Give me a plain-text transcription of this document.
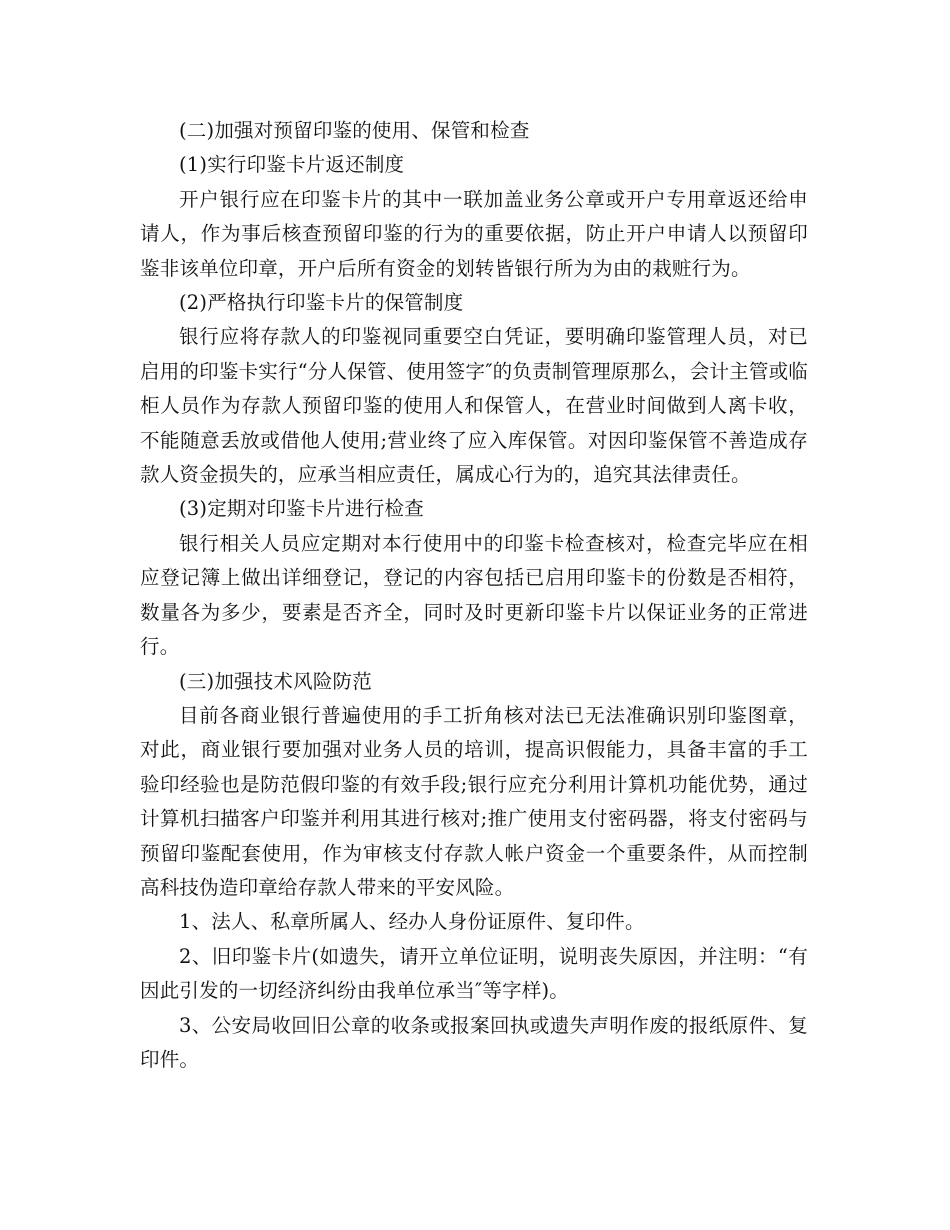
(二)加强对预留印鉴的使用、保管和检查

(1)实行印鉴卡片返还制度

开户银行应在印鉴卡片的其中一联加盖业务公章或开户专用章返还给申请人，作为事后核查预留印鉴的行为的重要依据，防止开户申请人以预留印鉴非该单位印章，开户后所有资金的划转皆银行所为为由的栽赃行为。

(2)严格执行印鉴卡片的保管制度

银行应将存款人的印鉴视同重要空白凭证，要明确印鉴管理人员，对已启用的印鉴卡实行“分人保管、使用签字″的负责制管理原那么，会计主管或临柜人员作为存款人预留印鉴的使用人和保管人，在营业时间做到人离卡收，不能随意丢放或借他人使用;营业终了应入库保管。对因印鉴保管不善造成存款人资金损失的，应承当相应责任，属成心行为的，追究其法律责任。

(3)定期对印鉴卡片进行检查

银行相关人员应定期对本行使用中的印鉴卡检查核对，检查完毕应在相应登记簿上做出详细登记，登记的内容包括已启用印鉴卡的份数是否相符，数量各为多少，要素是否齐全，同时及时更新印鉴卡片以保证业务的正常进行。

(三)加强技术风险防范

目前各商业银行普遍使用的手工折角核对法已无法准确识别印鉴图章，对此，商业银行要加强对业务人员的培训，提高识假能力，具备丰富的手工验印经验也是防范假印鉴的有效手段;银行应充分利用计算机功能优势，通过计算机扫描客户印鉴并利用其进行核对;推广使用支付密码器，将支付密码与预留印鉴配套使用，作为审核支付存款人帐户资金一个重要条件，从而控制高科技伪造印章给存款人带来的平安风险。

1、法人、私章所属人、经办人身份证原件、复印件。

2、旧印鉴卡片(如遗失，请开立单位证明，说明丧失原因，并注明：“有因此引发的一切经济纠纷由我单位承当″等字样)。

3、公安局收回旧公章的收条或报案回执或遗失声明作废的报纸原件、复印件。
